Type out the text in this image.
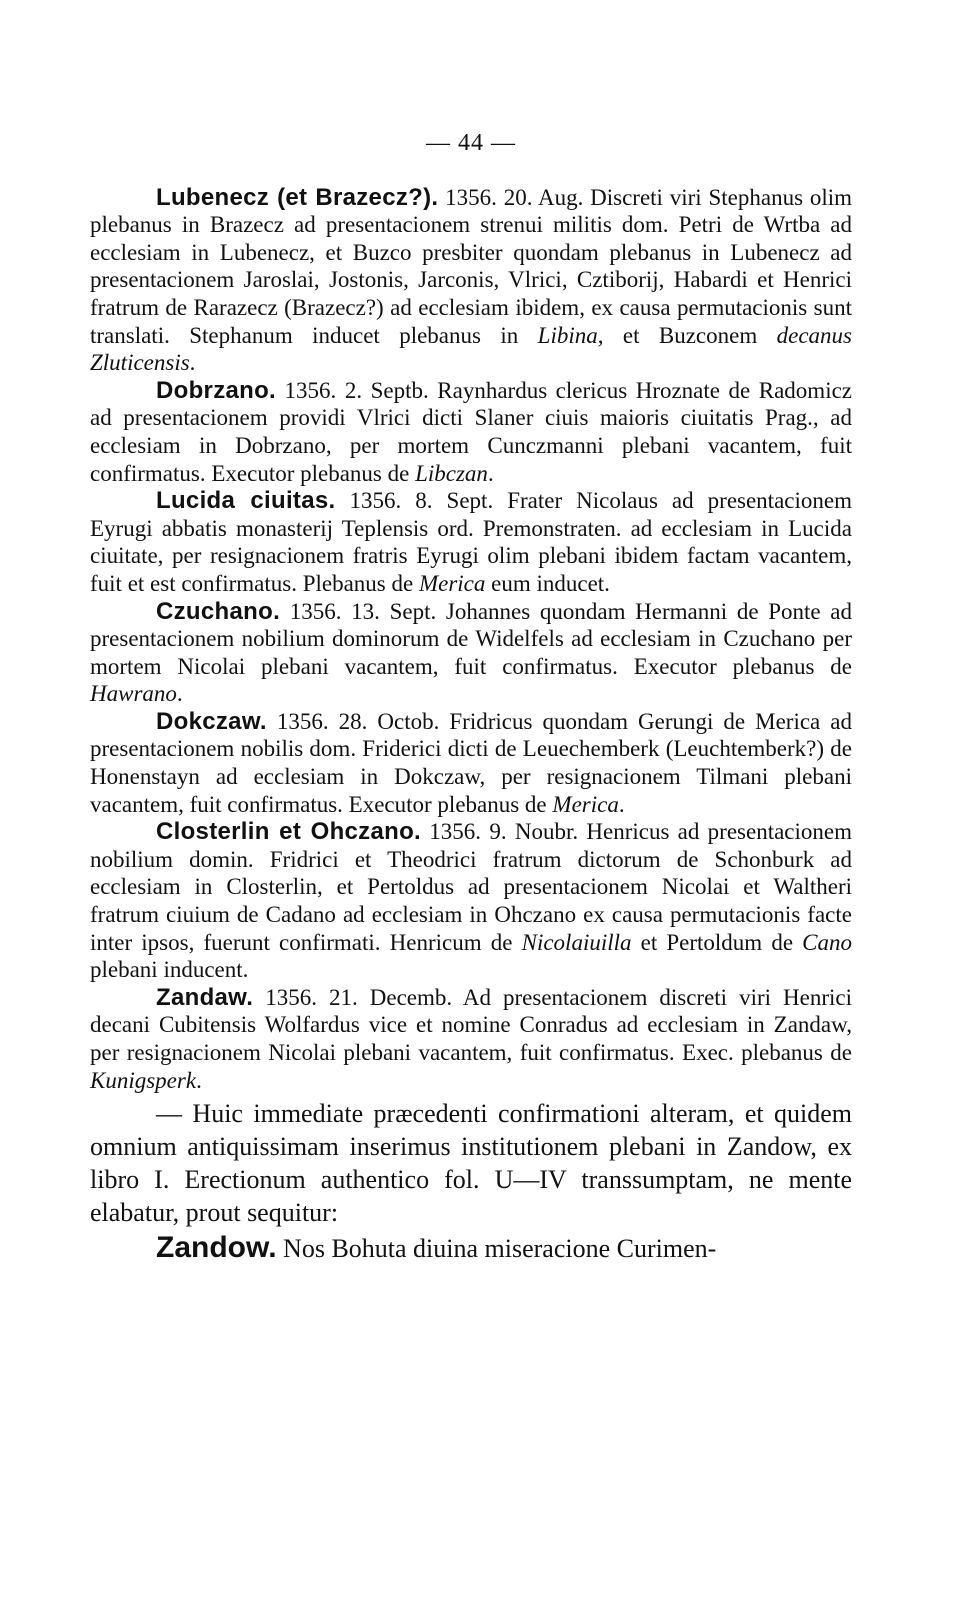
— 44 —

Lubenecz (et Brazecz?). 1356. 20. Aug. Discreti viri Stephanus olim plebanus in Brazecz ad presentacionem strenui militis dom. Petri de Wrtba ad ecclesiam in Lubenecz, et Buzco presbiter quondam plebanus in Lubenecz ad presentacionem Jaroslai, Jostonis, Jarconis, Vlrici, Cztiborij, Habardi et Henrici fratrum de Rarazecz (Brazecz?) ad ecclesiam ibidem, ex causa permutacionis sunt translati. Stephanum inducet plebanus in Libina, et Buzconem decanus Zluticensis.

Dobrzano. 1356. 2. Septb. Raynhardus clericus Hroznate de Radomicz ad presentacionem providi Vlrici dicti Slaner ciuis maioris ciuitatis Prag., ad ecclesiam in Dobrzano, per mortem Cunczmanni plebani vacantem, fuit confirmatus. Executor plebanus de Libczan.

Lucida ciuitas. 1356. 8. Sept. Frater Nicolaus ad presentacionem Eyrugi abbatis monasterij Teplensis ord. Premonstraten. ad ecclesiam in Lucida ciuitate, per resignacionem fratris Eyrugi olim plebani ibidem factam vacantem, fuit et est confirmatus. Plebanus de Merica eum inducet.

Czuchano. 1356. 13. Sept. Johannes quondam Hermanni de Ponte ad presentacionem nobilium dominorum de Widelfels ad ecclesiam in Czuchano per mortem Nicolai plebani vacantem, fuit confirmatus. Executor plebanus de Hawrano.

Dokczaw. 1356. 28. Octob. Fridricus quondam Gerungi de Merica ad presentacionem nobilis dom. Friderici dicti de Leuechemberk (Leuchtemberk?) de Honenstayn ad ecclesiam in Dokczaw, per resignacionem Tilmani plebani vacantem, fuit confirmatus. Executor plebanus de Merica.

Closterlin et Ohczano. 1356. 9. Noubr. Henricus ad presentacionem nobilium domin. Fridrici et Theodrici fratrum dictorum de Schonburk ad ecclesiam in Closterlin, et Pertoldus ad presentacionem Nicolai et Waltheri fratrum ciuium de Cadano ad ecclesiam in Ohczano ex causa permutacionis facte inter ipsos, fuerunt confirmati. Henricum de Nicolaiuilla et Pertoldum de Cano plebani inducent.

Zandaw. 1356. 21. Decemb. Ad presentacionem discreti viri Henrici decani Cubitensis Wolfardus vice et nomine Conradus ad ecclesiam in Zandaw, per resignacionem Nicolai plebani vacantem, fuit confirmatus. Exec. plebanus de Kunigsperk.

— Huic immediate præcedenti confirmationi alteram, et quidem omnium antiquissimam inserimus institutionem plebani in Zandow, ex libro I. Erectionum authentico fol. U—IV transsumptam, ne mente elabatur, prout sequitur:

Zandow. Nos Bohuta diuina miseracione Curimen-
